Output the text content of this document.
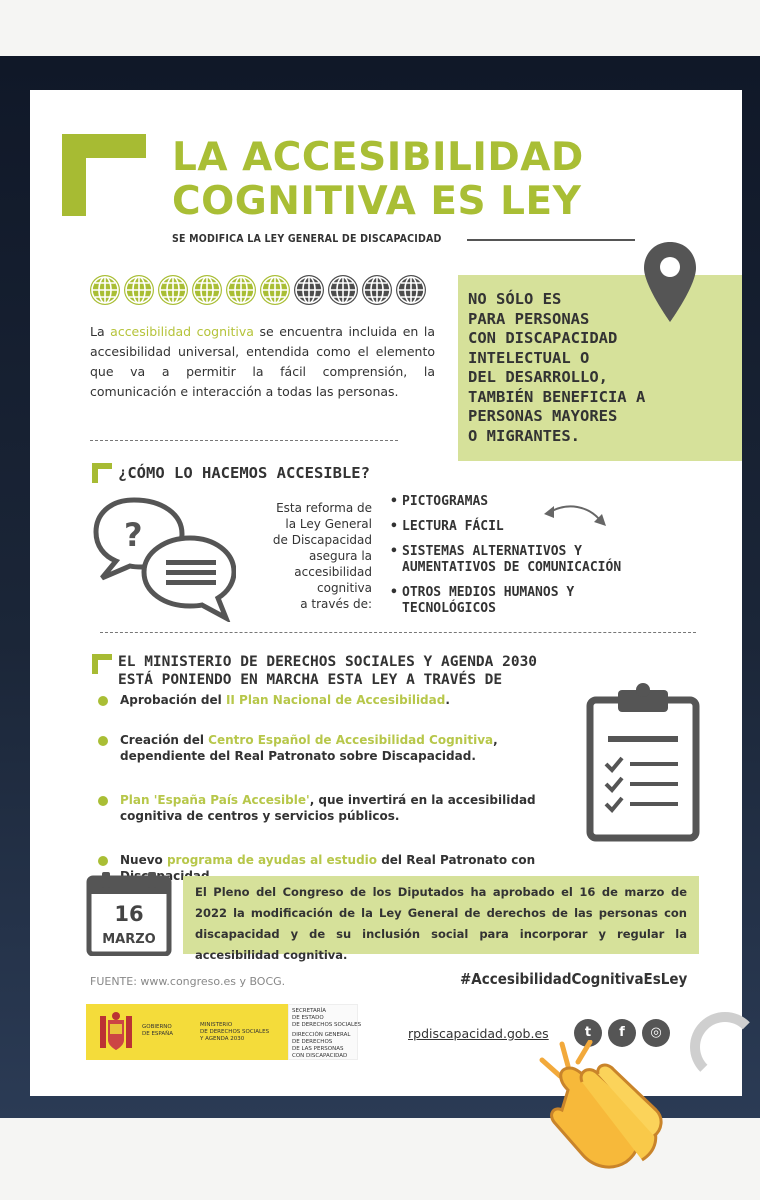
LA ACCESIBILIDAD
COGNITIVA ES LEY
SE MODIFICA LA LEY GENERAL DE DISCAPACIDAD
La accesibilidad cognitiva se encuentra incluida en la accesibilidad universal, entendida como el elemento que va a permitir la fácil comprensión, la comunicación e interacción a todas las personas.
NO SÓLO ES
PARA PERSONAS
CON DISCAPACIDAD
INTELECTUAL O
DEL DESARROLLO,
TAMBIÉN BENEFICIA A
PERSONAS MAYORES
O MIGRANTES.
¿CÓMO LO HACEMOS ACCESIBLE?
?
Esta reforma de
la Ley General
de Discapacidad
asegura la
accesibilidad
cognitiva
a través de:
• PICTOGRAMAS
• LECTURA FÁCIL
• SISTEMAS ALTERNATIVOS Y
AUMENTATIVOS DE COMUNICACIÓN
• OTROS MEDIOS HUMANOS Y
TECNOLÓGICOS
EL MINISTERIO DE DERECHOS SOCIALES Y AGENDA 2030
ESTÁ PONIENDO EN MARCHA ESTA LEY A TRAVÉS DE
Aprobación del II Plan Nacional de Accesibilidad.
Creación del Centro Español de Accesibilidad Cognitiva, dependiente del Real Patronato sobre Discapacidad.
Plan 'España País Accesible', que invertirá en la accesibilidad cognitiva de centros y servicios públicos.
Nuevo programa de ayudas al estudio del Real Patronato con
16
MARZO
El Pleno del Congreso de los Diputados ha aprobado el 16 de marzo de 2022 la modificación de la Ley General de derechos de las personas con discapacidad y de su inclusión social para incorporar y regular la accesibilidad cognitiva.
FUENTE: www.congreso.es y BOCG.	#AccesibilidadCognitivaEsLey
GOBIERNO
DE ESPAÑA
MINISTERIO
DE DERECHOS SOCIALES
Y AGENDA 2030
SECRETARÍA
DE ESTADO
DE DERECHOS SOCIALES
DIRECCIÓN GENERAL
DE DERECHOS
DE LAS PERSONAS
CON DISCAPACIDAD
rpdiscapacidad.gob.es	t	f	◎
